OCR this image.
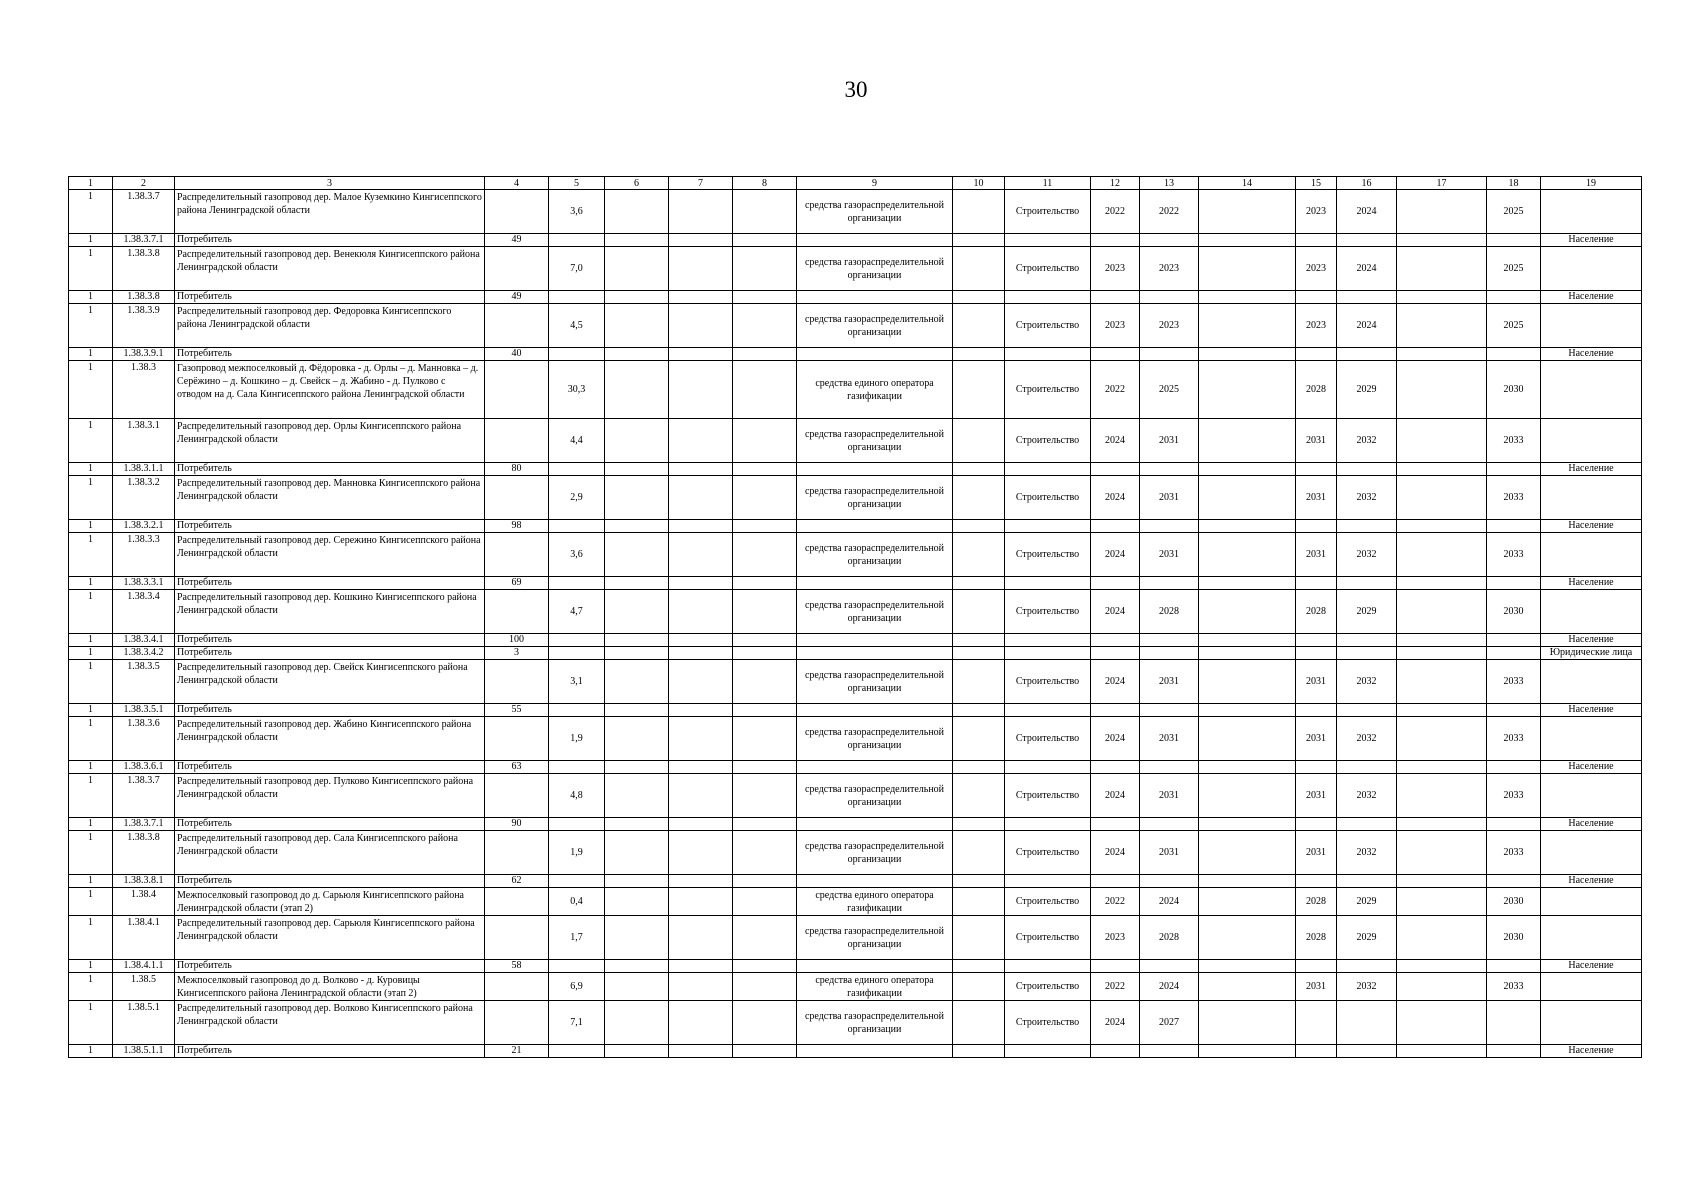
30
1	2	3	4	5	6	7	8	9	10	11	12	13	14	15	16	17	18	19
1	1.38.3.7	Распределительный газопровод дер. Малое Куземкино Кингисеппского района Ленинградской области		3,6				средства газораспределительной организации		Строительство	2022	2022		2023	2024		2025	
1	1.38.3.7.1	Потребитель	49															Население
1	1.38.3.8	Распределительный газопровод дер. Венекюля Кингисеппского района Ленинградской области		7,0				средства газораспределительной организации		Строительство	2023	2023		2023	2024		2025	
1	1.38.3.8	Потребитель	49															Население
1	1.38.3.9	Распределительный газопровод дер. Федоровка Кингисеппского района Ленинградской области		4,5				средства газораспределительной организации		Строительство	2023	2023		2023	2024		2025	
1	1.38.3.9.1	Потребитель	40															Население
1	1.38.3	Газопровод межпоселковый д. Фёдоровка - д. Орлы – д. Манновка – д. Серёжино – д. Кошкино – д. Свейск – д. Жабино - д. Пулково с отводом на д. Сала Кингисеппского района Ленинградской области		30,3				средства единого оператора газификации		Строительство	2022	2025		2028	2029		2030	
1	1.38.3.1	Распределительный газопровод дер. Орлы Кингисеппского района Ленинградской области		4,4				средства газораспределительной организации		Строительство	2024	2031		2031	2032		2033	
1	1.38.3.1.1	Потребитель	80															Население
1	1.38.3.2	Распределительный газопровод дер. Манновка Кингисеппского района Ленинградской области		2,9				средства газораспределительной организации		Строительство	2024	2031		2031	2032		2033	
1	1.38.3.2.1	Потребитель	98															Население
1	1.38.3.3	Распределительный газопровод дер. Сережино Кингисеппского района Ленинградской области		3,6				средства газораспределительной организации		Строительство	2024	2031		2031	2032		2033	
1	1.38.3.3.1	Потребитель	69															Население
1	1.38.3.4	Распределительный газопровод дер. Кошкино Кингисеппского района Ленинградской области		4,7				средства газораспределительной организации		Строительство	2024	2028		2028	2029		2030	
1	1.38.3.4.1	Потребитель	100															Население
1	1.38.3.4.2	Потребитель	3															Юридические лица
1	1.38.3.5	Распределительный газопровод дер. Свейск Кингисеппского района Ленинградской области		3,1				средства газораспределительной организации		Строительство	2024	2031		2031	2032		2033	
1	1.38.3.5.1	Потребитель	55															Население
1	1.38.3.6	Распределительный газопровод дер. Жабино Кингисеппского района Ленинградской области		1,9				средства газораспределительной организации		Строительство	2024	2031		2031	2032		2033	
1	1.38.3.6.1	Потребитель	63															Население
1	1.38.3.7	Распределительный газопровод дер. Пулково Кингисеппского района Ленинградской области		4,8				средства газораспределительной организации		Строительство	2024	2031		2031	2032		2033	
1	1.38.3.7.1	Потребитель	90															Население
1	1.38.3.8	Распределительный газопровод дер. Сала Кингисеппского района Ленинградской области		1,9				средства газораспределительной организации		Строительство	2024	2031		2031	2032		2033	
1	1.38.3.8.1	Потребитель	62															Население
1	1.38.4	Межпоселковый газопровод до д. Сарьюля Кингисеппского района Ленинградской области (этап 2)		0,4				средства единого оператора газификации		Строительство	2022	2024		2028	2029		2030	
1	1.38.4.1	Распределительный газопровод дер. Сарьюля Кингисеппского района Ленинградской области		1,7				средства газораспределительной организации		Строительство	2023	2028		2028	2029		2030	
1	1.38.4.1.1	Потребитель	58															Население
1	1.38.5	Межпоселковый газопровод до д. Волково - д. Куровицы Кингисеппского района Ленинградской области (этап 2)		6,9				средства единого оператора газификации		Строительство	2022	2024		2031	2032		2033	
1	1.38.5.1	Распределительный газопровод дер. Волково Кингисеппского района Ленинградской области		7,1				средства газораспределительной организации		Строительство	2024	2027						
1	1.38.5.1.1	Потребитель	21															Население
